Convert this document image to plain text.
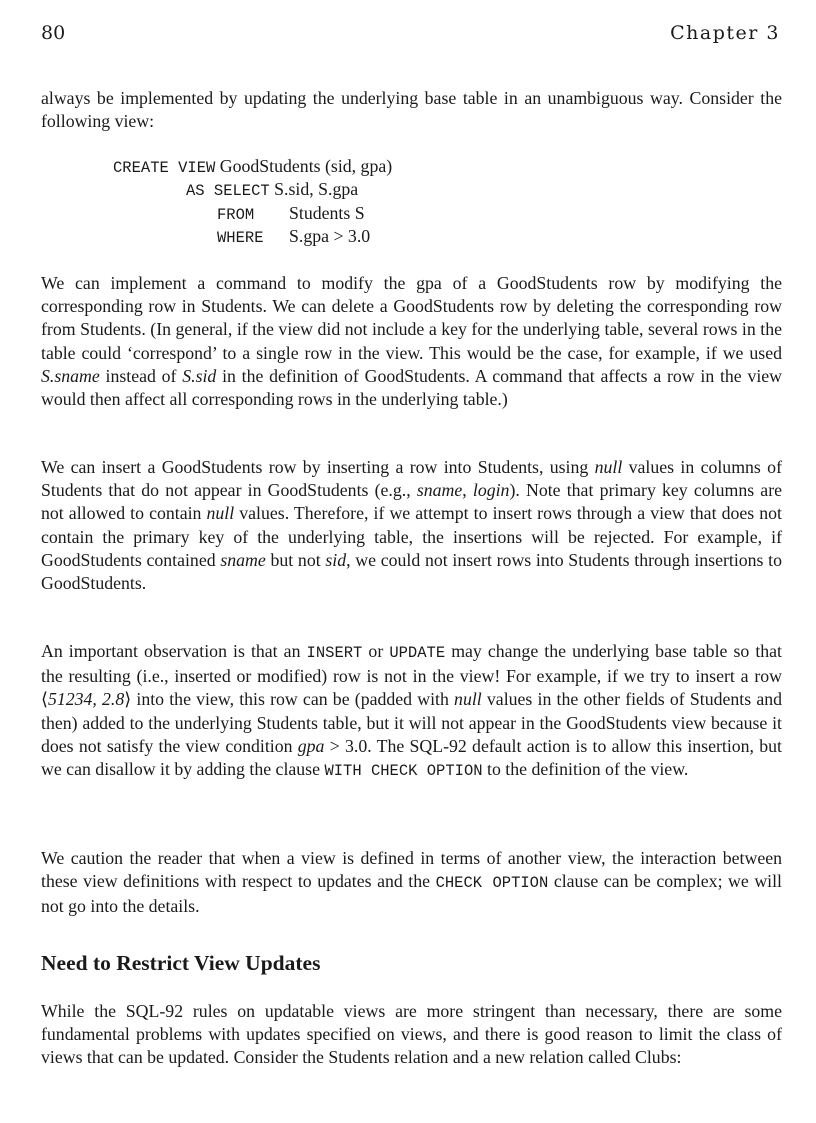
80	Chapter 3

always be implemented by updating the underlying base table in an unambiguous way. Consider the following view:

CREATE VIEW GoodStudents (sid, gpa)
AS SELECT S.sid, S.gpa
FROM Students S
WHERE S.gpa > 3.0

We can implement a command to modify the gpa of a GoodStudents row by modifying the corresponding row in Students. We can delete a GoodStudents row by deleting the corresponding row from Students. (In general, if the view did not include a key for the underlying table, several rows in the table could ‘correspond’ to a single row in the view. This would be the case, for example, if we used S.sname instead of S.sid in the definition of GoodStudents. A command that affects a row in the view would then affect all corresponding rows in the underlying table.)

We can insert a GoodStudents row by inserting a row into Students, using null values in columns of Students that do not appear in GoodStudents (e.g., sname, login). Note that primary key columns are not allowed to contain null values. Therefore, if we attempt to insert rows through a view that does not contain the primary key of the underlying table, the insertions will be rejected. For example, if GoodStudents contained sname but not sid, we could not insert rows into Students through insertions to GoodStudents.

An important observation is that an INSERT or UPDATE may change the underlying base table so that the resulting (i.e., inserted or modified) row is not in the view! For example, if we try to insert a row ⟨51234, 2.8⟩ into the view, this row can be (padded with null values in the other fields of Students and then) added to the underlying Students table, but it will not appear in the GoodStudents view because it does not satisfy the view condition gpa > 3.0. The SQL-92 default action is to allow this insertion, but we can disallow it by adding the clause WITH CHECK OPTION to the definition of the view.

We caution the reader that when a view is defined in terms of another view, the interaction between these view definitions with respect to updates and the CHECK OPTION clause can be complex; we will not go into the details.

Need to Restrict View Updates

While the SQL-92 rules on updatable views are more stringent than necessary, there are some fundamental problems with updates specified on views, and there is good reason to limit the class of views that can be updated. Consider the Students relation and a new relation called Clubs:
